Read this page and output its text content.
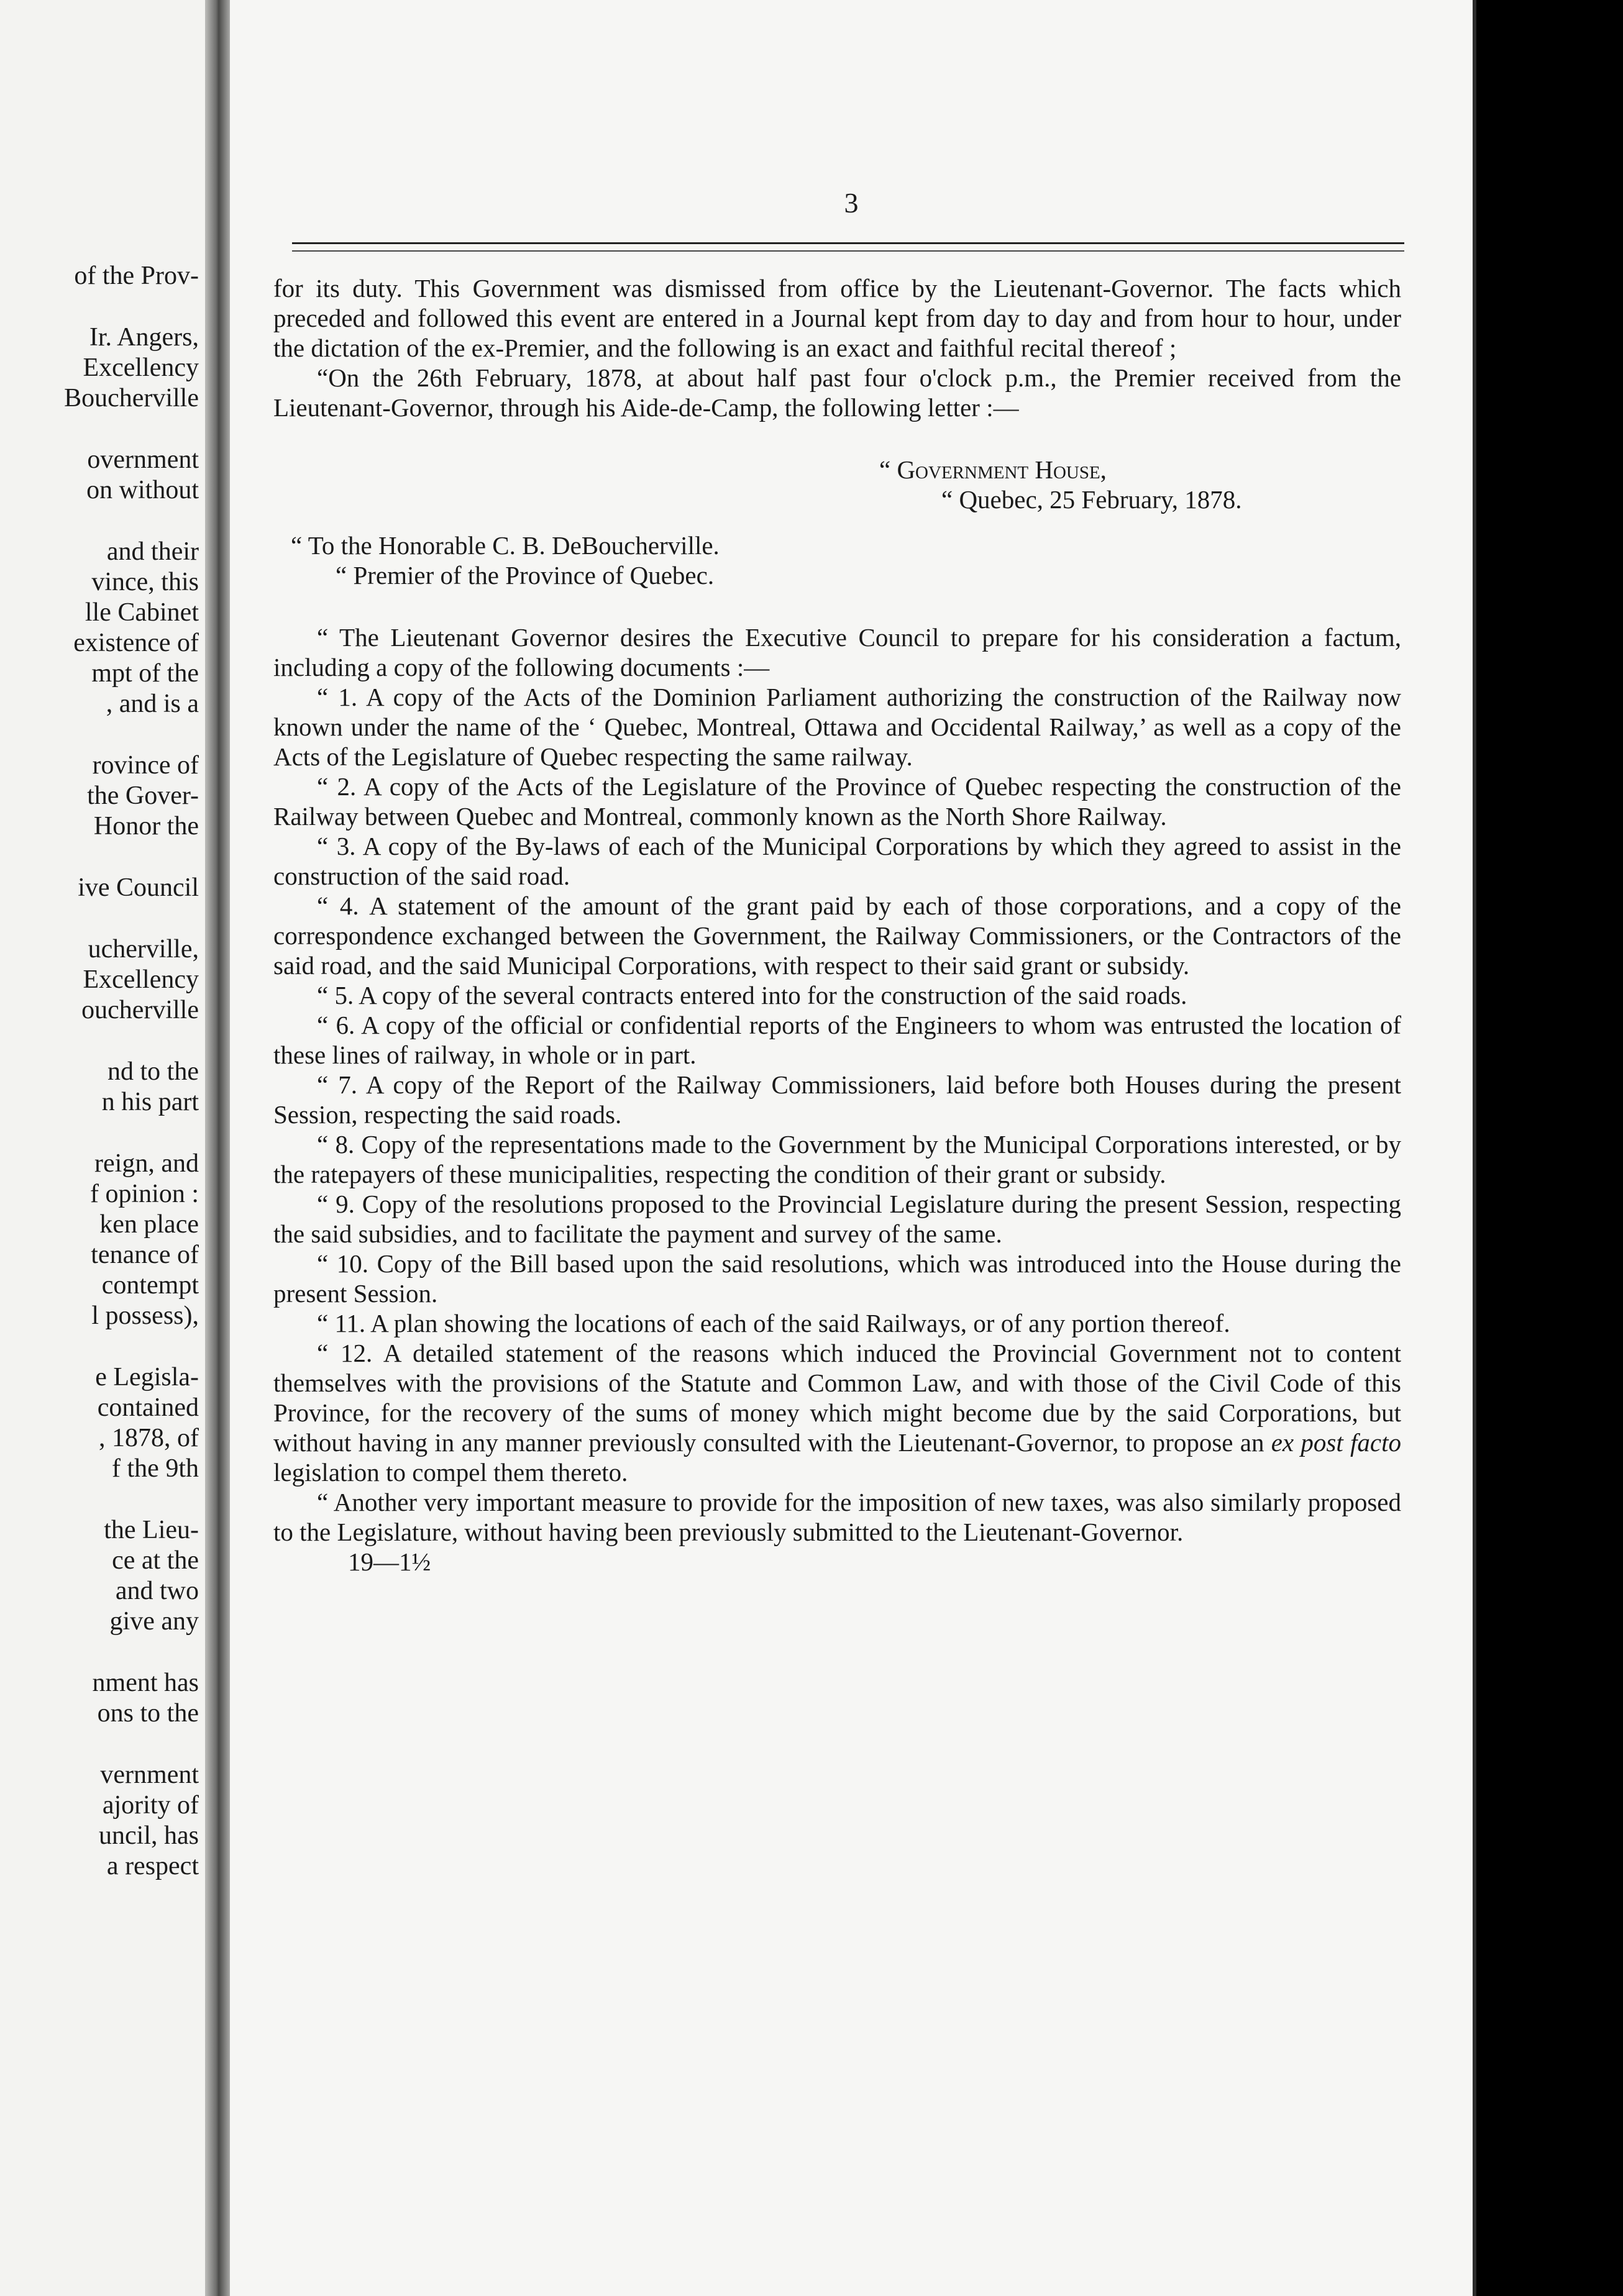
of the Prov-
Ir. Angers,
Excellency
Boucherville
overnment
on without
and their
vince, this
lle Cabinet
existence of
mpt of the
, and is a
rovince of
the Gover-
Honor the
ive Council
ucherville,
Excellency
oucherville
nd to the
n his part
reign, and
f opinion :
ken place
tenance of
contempt
l possess),
e Legisla-
contained
, 1878, of
f the 9th
the Lieu-
ce at the
and two
give any
nment has
ons to the
vernment
ajority of
uncil, has
a respect
3

for its duty. This Government was dismissed from office by the Lieutenant-Governor. The facts which preceded and followed this event are entered in a Journal kept from day to day and from hour to hour, under the dictation of the ex-Premier, and the following is an exact and faithful recital thereof ;

“On the 26th February, 1878, at about half past four o'clock p.m., the Premier received from the Lieutenant-Governor, through his Aide-de-Camp, the following letter :—

“ Government House,
“ Quebec, 25 February, 1878.
“ To the Honorable C. B. DeBoucherville.
“ Premier of the Province of Quebec.

“ The Lieutenant Governor desires the Executive Council to prepare for his consideration a factum, including a copy of the following documents :—

“ 1. A copy of the Acts of the Dominion Parliament authorizing the construction of the Railway now known under the name of the ‘ Quebec, Montreal, Ottawa and Occidental Railway,’ as well as a copy of the Acts of the Legislature of Quebec respecting the same railway.

“ 2. A copy of the Acts of the Legislature of the Province of Quebec respecting the construction of the Railway between Quebec and Montreal, commonly known as the North Shore Railway.

“ 3. A copy of the By-laws of each of the Municipal Corporations by which they agreed to assist in the construction of the said road.

“ 4. A statement of the amount of the grant paid by each of those corporations, and a copy of the correspondence exchanged between the Government, the Railway Commissioners, or the Contractors of the said road, and the said Municipal Corporations, with respect to their said grant or subsidy.

“ 5. A copy of the several contracts entered into for the construction of the said roads.

“ 6. A copy of the official or confidential reports of the Engineers to whom was entrusted the location of these lines of railway, in whole or in part.

“ 7. A copy of the Report of the Railway Commissioners, laid before both Houses during the present Session, respecting the said roads.

“ 8. Copy of the representations made to the Government by the Municipal Corporations interested, or by the ratepayers of these municipalities, respecting the condition of their grant or subsidy.

“ 9. Copy of the resolutions proposed to the Provincial Legislature during the present Session, respecting the said subsidies, and to facilitate the payment and survey of the same.

“ 10. Copy of the Bill based upon the said resolutions, which was introduced into the House during the present Session.

“ 11. A plan showing the locations of each of the said Railways, or of any portion thereof.

“ 12. A detailed statement of the reasons which induced the Provincial Government not to content themselves with the provisions of the Statute and Common Law, and with those of the Civil Code of this Province, for the recovery of the sums of money which might become due by the said Corporations, but without having in any manner previously consulted with the Lieutenant-Governor, to propose an ex post facto legislation to compel them thereto.

“ Another very important measure to provide for the imposition of new taxes, was also similarly proposed to the Legislature, without having been previously submitted to the Lieutenant-Governor.

19—1½
